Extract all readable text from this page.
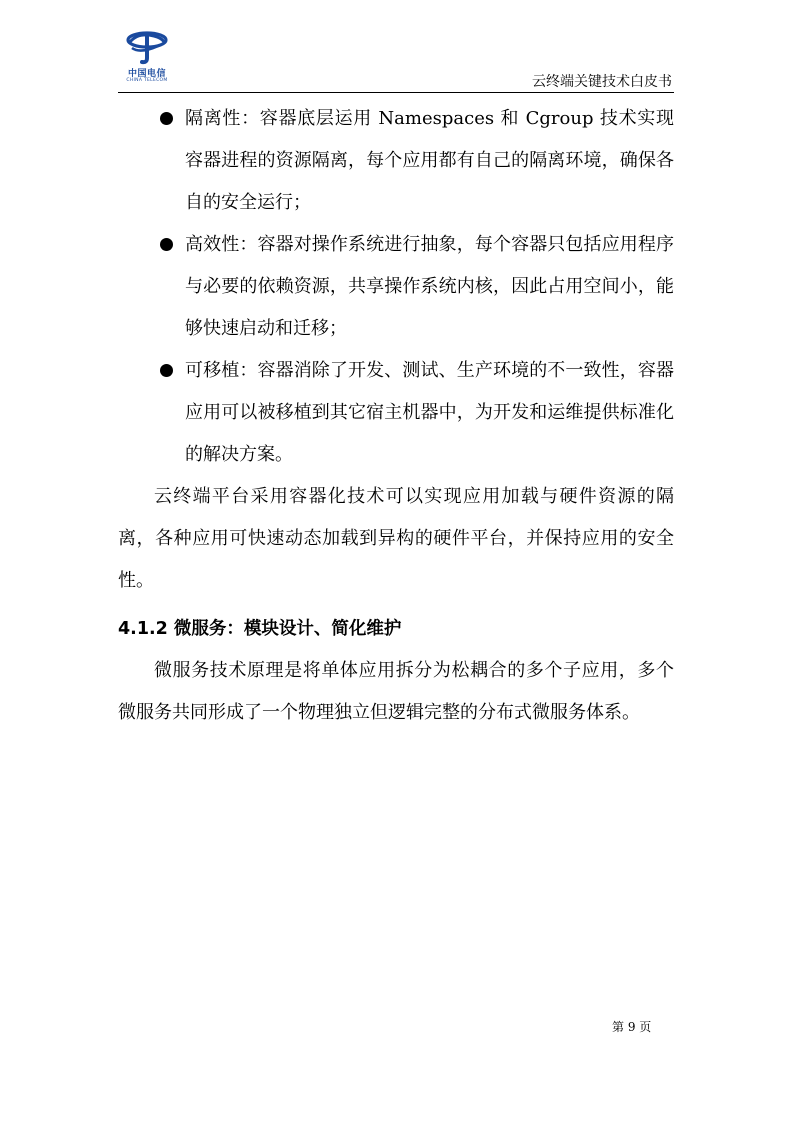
中国电信
CHINA TELECOM	云终端关键技术白皮书
隔离性：容器底层运用 Namespaces 和 Cgroup 技术实现容器进程的资源隔离，每个应用都有自己的隔离环境，确保各自的安全运行；
高效性：容器对操作系统进行抽象，每个容器只包括应用程序与必要的依赖资源，共享操作系统内核，因此占用空间小，能够快速启动和迁移；
可移植：容器消除了开发、测试、生产环境的不一致性，容器应用可以被移植到其它宿主机器中，为开发和运维提供标准化的解决方案。

云终端平台采用容器化技术可以实现应用加载与硬件资源的隔离，各种应用可快速动态加载到异构的硬件平台，并保持应用的安全性。

4.1.2 微服务：模块设计、简化维护

微服务技术原理是将单体应用拆分为松耦合的多个子应用，多个微服务共同形成了一个物理独立但逻辑完整的分布式微服务体系。

第 9 页
